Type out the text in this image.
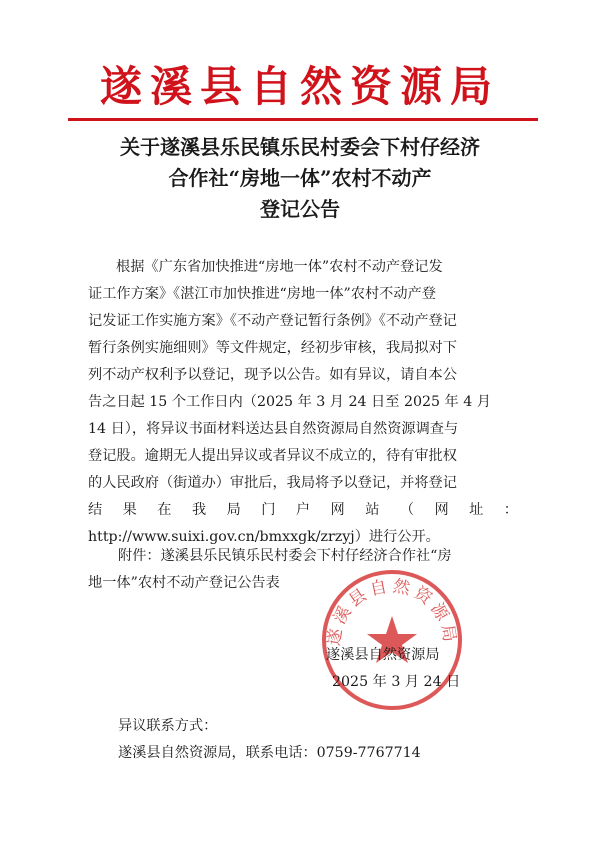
遂溪县自然资源局
关于遂溪县乐民镇乐民村委会下村仔经济
合作社“房地一体”农村不动产
登记公告
根据《广东省加快推进“房地一体”农村不动产登记发
证工作方案》《湛江市加快推进“房地一体”农村不动产登
记发证工作实施方案》《不动产登记暂行条例》《不动产登记
暂行条例实施细则》等文件规定，经初步审核，我局拟对下
列不动产权利予以登记，现予以公告。如有异议，请自本公
告之日起 15 个工作日内（2025 年 3 月 24 日至 2025 年 4 月
14 日），将异议书面材料送达县自然资源局自然资源调查与
登记股。逾期无人提出异议或者异议不成立的，待有审批权
的人民政府（街道办）审批后，我局将予以登记，并将登记
结 果 在 我 局 门 户 网 站 （ 网 址 ：
http://www.suixi.gov.cn/bmxxgk/zrzyj）进行公开。
附件：遂溪县乐民镇乐民村委会下村仔经济合作社“房
地一体”农村不动产登记公告表
遂溪县自然资源局
遂溪县自然资源局
2025 年 3 月 24 日
异议联系方式：
遂溪县自然资源局，联系电话：0759-7767714
